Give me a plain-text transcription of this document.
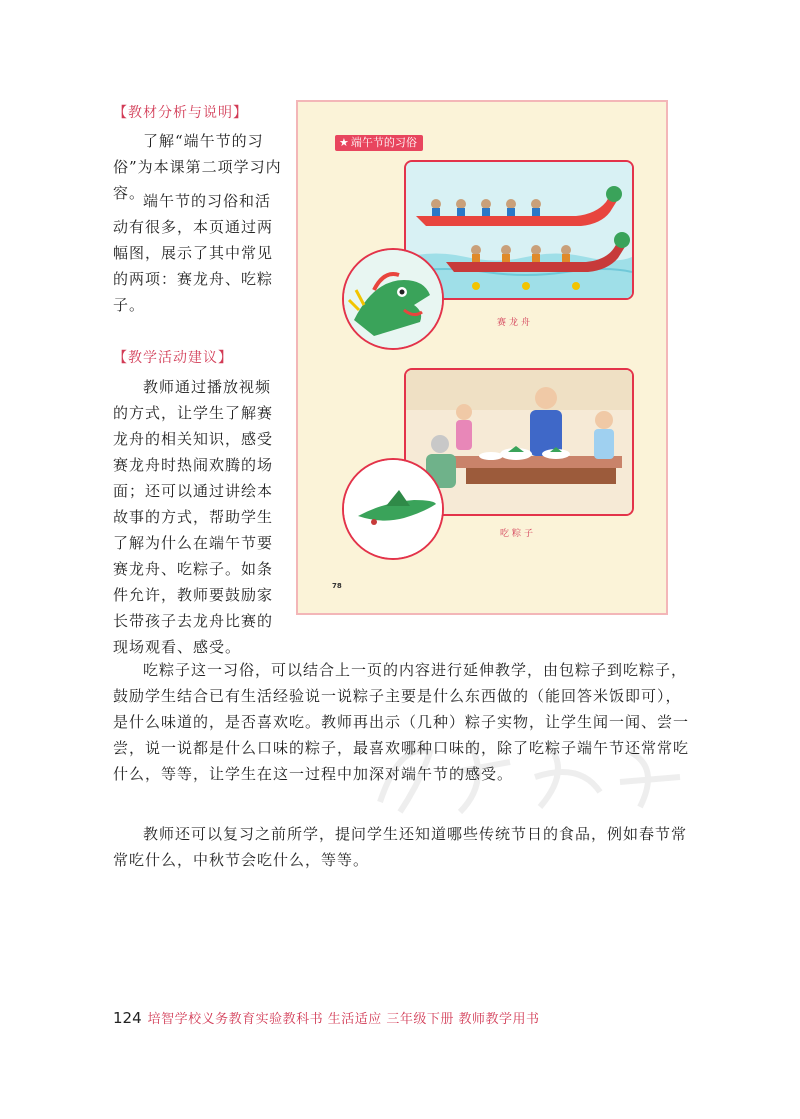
【教材分析与说明】

了解“端午节的习俗”为本课第二项学习内容。

端午节的习俗和活动有很多，本页通过两幅图，展示了其中常见的两项：赛龙舟、吃粽子。

【教学活动建议】

教师通过播放视频的方式，让学生了解赛龙舟的相关知识，感受赛龙舟时热闹欢腾的场面；还可以通过讲绘本故事的方式，帮助学生了解为什么在端午节要赛龙舟、吃粽子。如条件允许，教师要鼓励家长带孩子去龙舟比赛的现场观看、感受。

★ 端午节的习俗
赛龙舟
吃粽子
78

吃粽子这一习俗，可以结合上一页的内容进行延伸教学，由包粽子到吃粽子，鼓励学生结合已有生活经验说一说粽子主要是什么东西做的（能回答米饭即可），是什么味道的，是否喜欢吃。教师再出示（几种）粽子实物，让学生闻一闻、尝一尝，说一说都是什么口味的粽子，最喜欢哪种口味的，除了吃粽子端午节还常常吃什么，等等，让学生在这一过程中加深对端午节的感受。

教师还可以复习之前所学，提问学生还知道哪些传统节日的食品，例如春节常常吃什么，中秋节会吃什么，等等。

124 培智学校义务教育实验教科书 生活适应 三年级下册 教师教学用书
